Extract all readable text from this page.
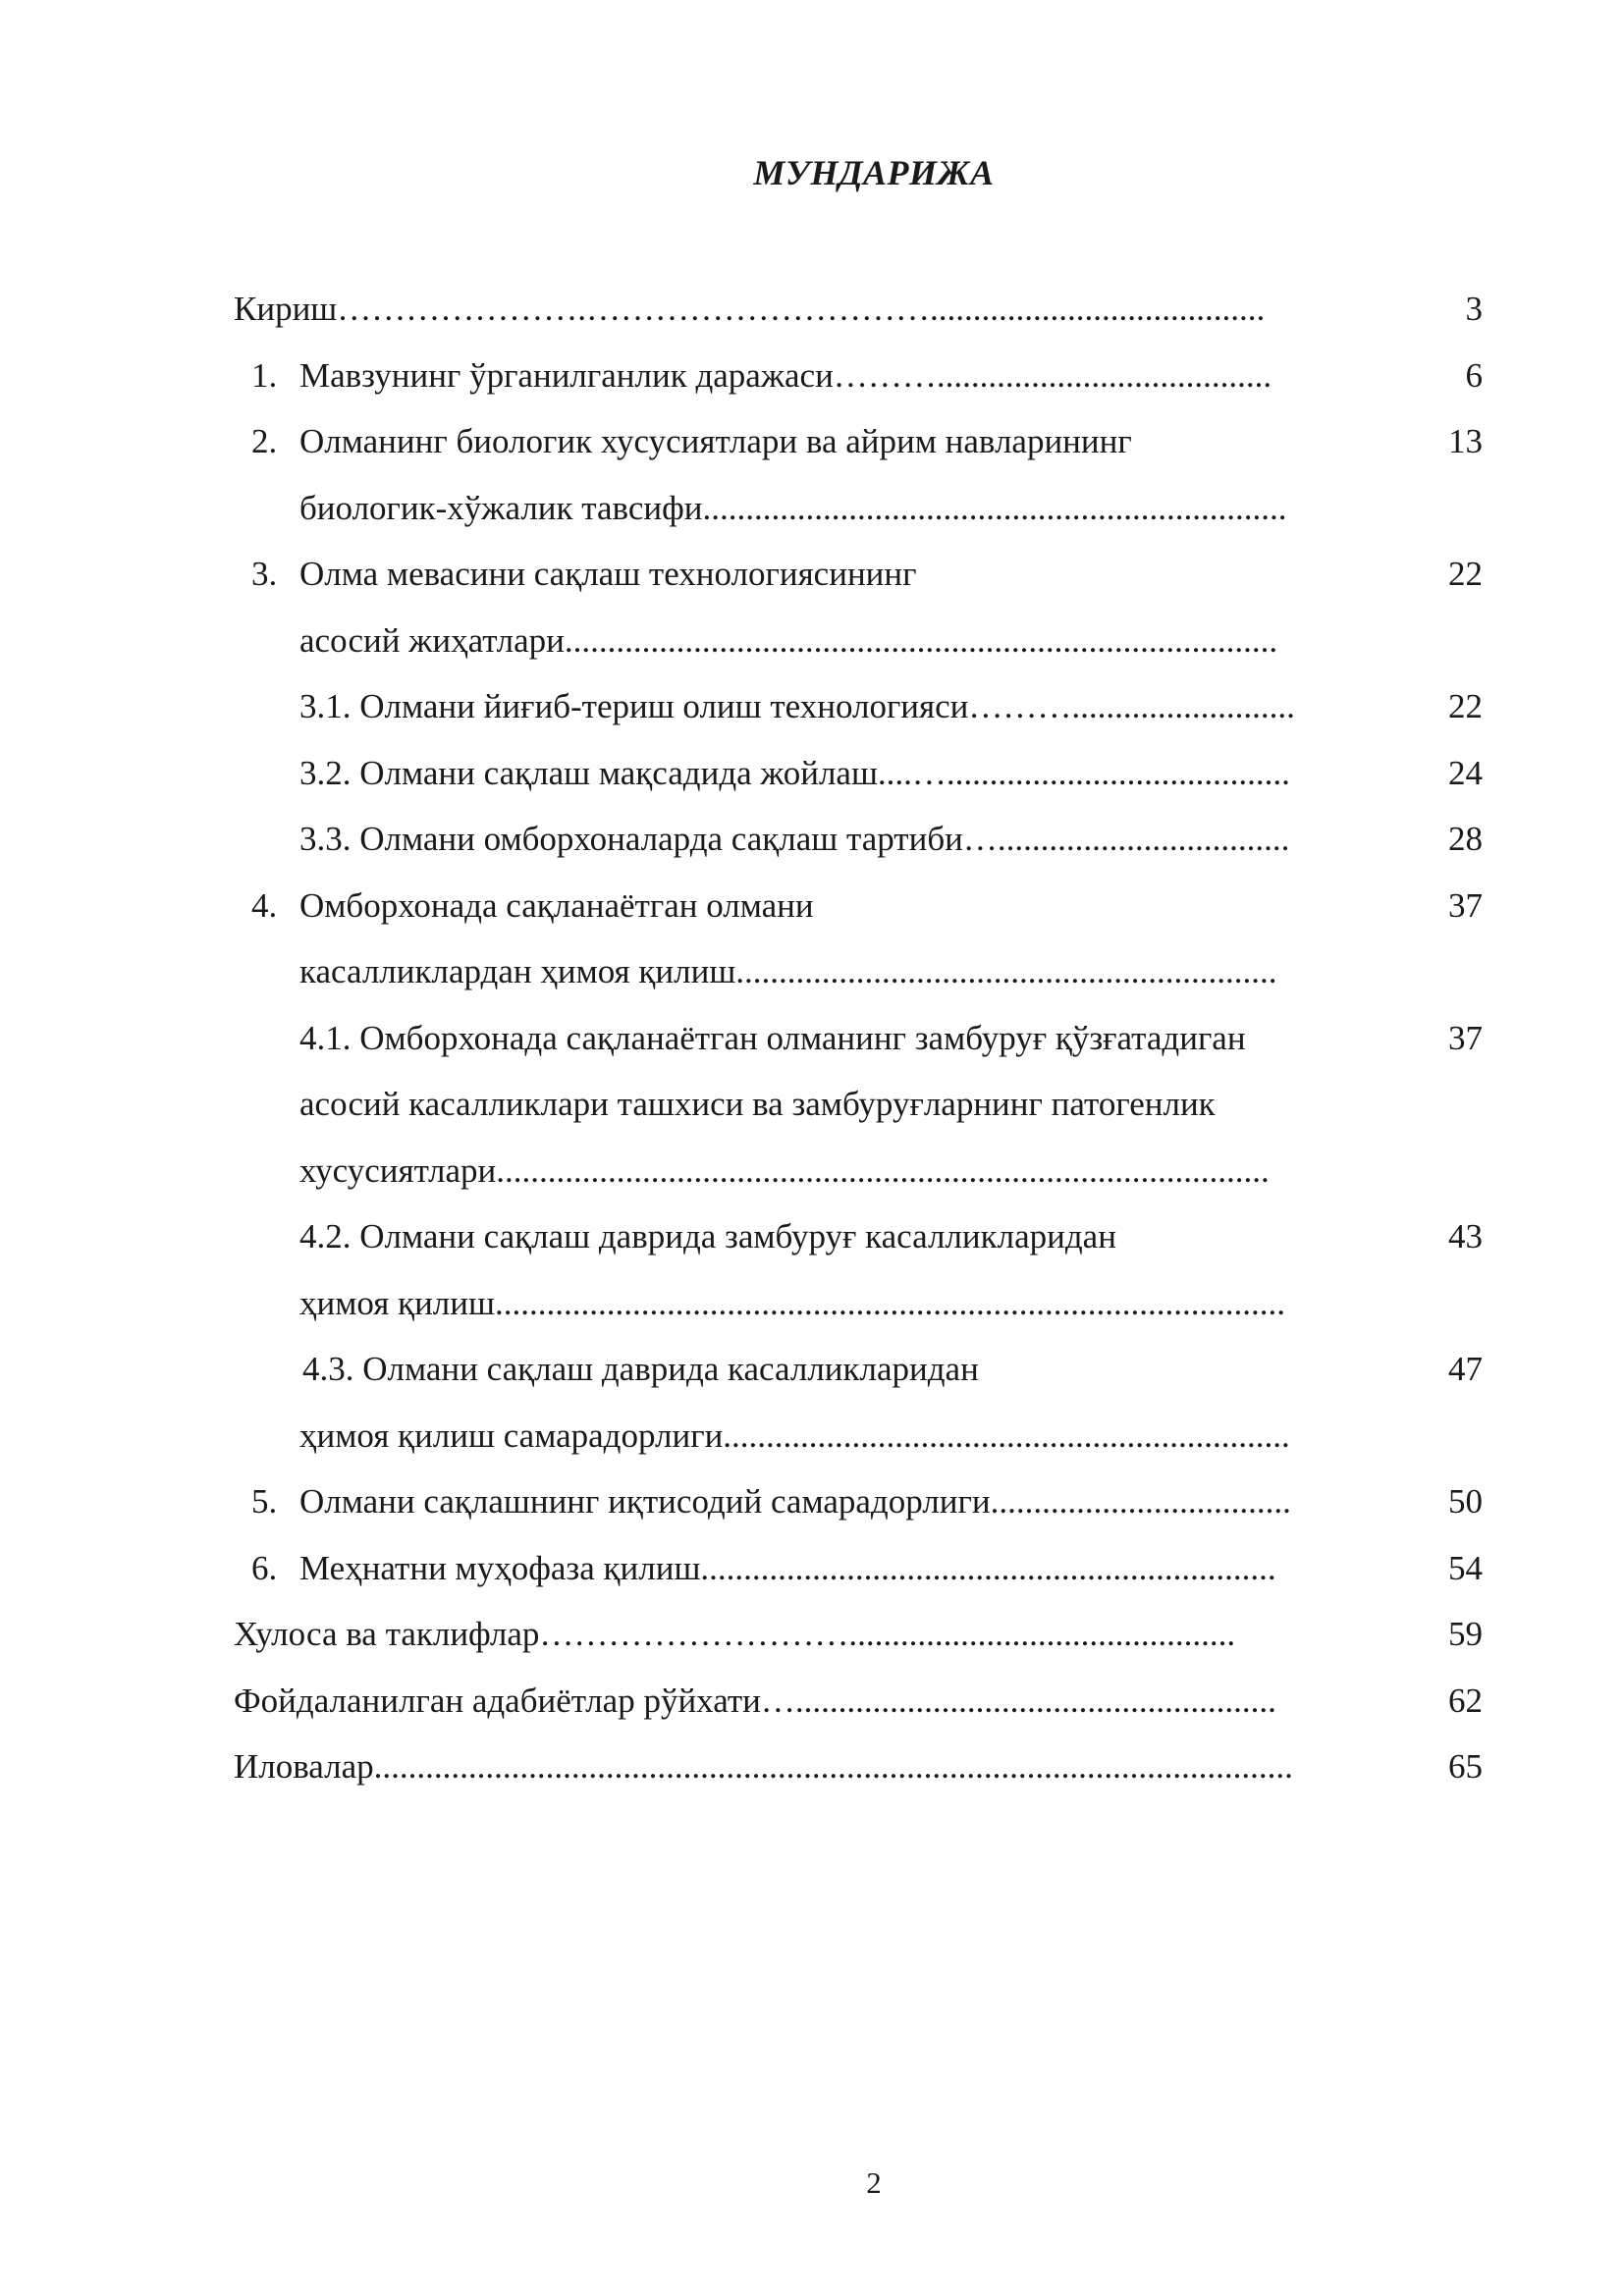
МУНДАРИЖА
Кириш ………………….………………………….......................................	3
1. Мавзунинг ўрганилганлик даражаси ……….......................................	6
2. Олманинг биологик хусусиятлари ва айрим навларининг	13
биологик-хўжалик тавсифи ....................................................................
3. Олма мевасини сақлаш технологиясининг	22
асосий жиҳатлари ...................................................................................
3.1. Олмани йиғиб-териш олиш технологияси ………..........................	22
3.2. Олмани сақлаш мақсадида жойлаш ....…........................................	24
3.3. Олмани омборхоналарда сақлаш тартиби …..................................	28
4. Омборхонада сақланаётган олмани	37
касалликлардан ҳимоя қилиш ...............................................................
4.1. Омборхонада сақланаётган олманинг замбуруғ қўзғатадиган	37
асосий касалликлари ташхиси ва замбуруғларнинг патогенлик
хусусиятлари ..........................................................................................
4.2. Олмани сақлаш даврида замбуруғ касалликларидан	43
ҳимоя қилиш ............................................................................................
4.3. Олмани сақлаш даврида касалликларидан	47
ҳимоя қилиш самарадорлиги ..................................................................
5. Олмани сақлашнинг иқтисодий самарадорлиги ...................................	50
6. Меҳнатни муҳофаза қилиш ...................................................................	54
Хулоса ва таклифлар ……………………….............................................	59
Фойдаланилган адабиётлар рўйхати …........................................................	62
Иловалар ...........................................................................................................	65
2
